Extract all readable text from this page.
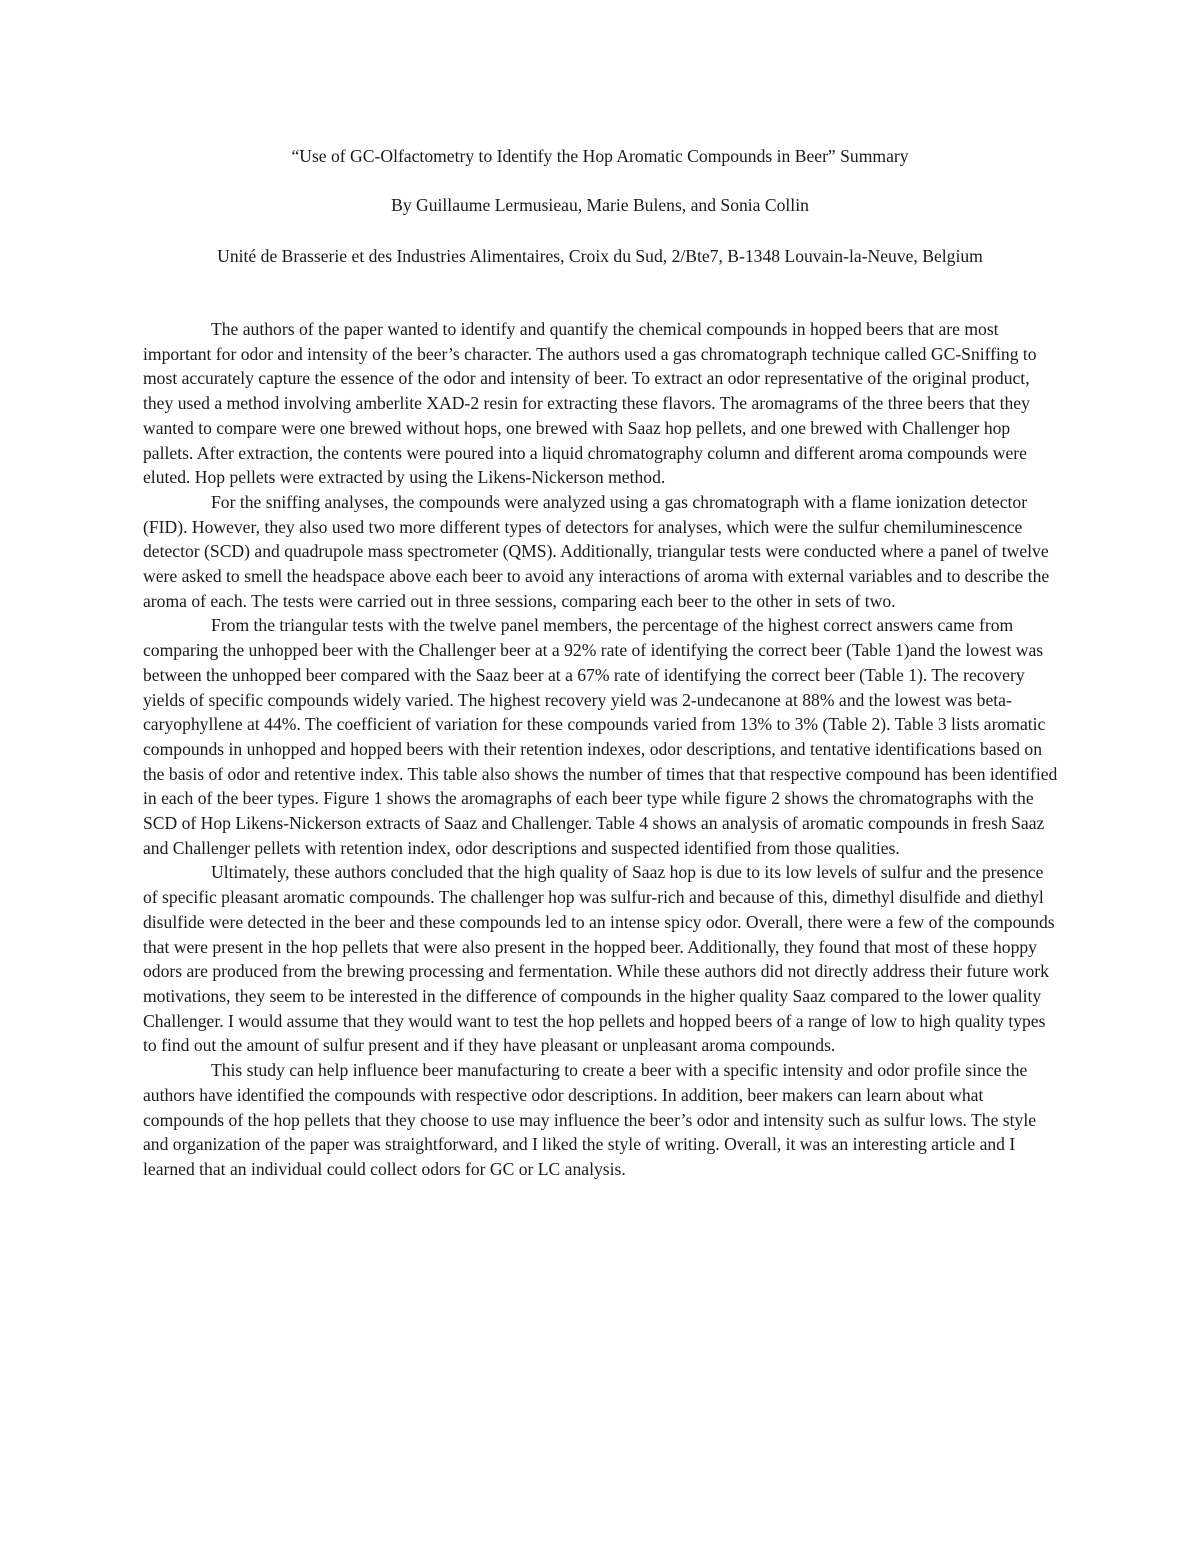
“Use of GC-Olfactometry to Identify the Hop Aromatic Compounds in Beer” Summary
By Guillaume Lermusieau, Marie Bulens, and Sonia Collin
Unité de Brasserie et des Industries Alimentaires, Croix du Sud, 2/Bte7, B-1348 Louvain-la-Neuve, Belgium

The authors of the paper wanted to identify and quantify the chemical compounds in hopped beers that are most important for odor and intensity of the beer’s character. The authors used a gas chromatograph technique called GC-Sniffing to most accurately capture the essence of the odor and intensity of beer. To extract an odor representative of the original product, they used a method involving amberlite XAD-2 resin for extracting these flavors. The aromagrams of the three beers that they wanted to compare were one brewed without hops, one brewed with Saaz hop pellets, and one brewed with Challenger hop pallets. After extraction, the contents were poured into a liquid chromatography column and different aroma compounds were eluted. Hop pellets were extracted by using the Likens-Nickerson method.

For the sniffing analyses, the compounds were analyzed using a gas chromatograph with a flame ionization detector (FID). However, they also used two more different types of detectors for analyses, which were the sulfur chemiluminescence detector (SCD) and quadrupole mass spectrometer (QMS). Additionally, triangular tests were conducted where a panel of twelve were asked to smell the headspace above each beer to avoid any interactions of aroma with external variables and to describe the aroma of each. The tests were carried out in three sessions, comparing each beer to the other in sets of two.

From the triangular tests with the twelve panel members, the percentage of the highest correct answers came from comparing the unhopped beer with the Challenger beer at a 92% rate of identifying the correct beer (Table 1)and the lowest was between the unhopped beer compared with the Saaz beer at a 67% rate of identifying the correct beer (Table 1). The recovery yields of specific compounds widely varied. The highest recovery yield was 2-undecanone at 88% and the lowest was beta-caryophyllene at 44%. The coefficient of variation for these compounds varied from 13% to 3% (Table 2). Table 3 lists aromatic compounds in unhopped and hopped beers with their retention indexes, odor descriptions, and tentative identifications based on the basis of odor and retentive index. This table also shows the number of times that that respective compound has been identified in each of the beer types. Figure 1 shows the aromagraphs of each beer type while figure 2 shows the chromatographs with the SCD of Hop Likens-Nickerson extracts of Saaz and Challenger. Table 4 shows an analysis of aromatic compounds in fresh Saaz and Challenger pellets with retention index, odor descriptions and suspected identified from those qualities.

Ultimately, these authors concluded that the high quality of Saaz hop is due to its low levels of sulfur and the presence of specific pleasant aromatic compounds. The challenger hop was sulfur-rich and because of this, dimethyl disulfide and diethyl disulfide were detected in the beer and these compounds led to an intense spicy odor. Overall, there were a few of the compounds that were present in the hop pellets that were also present in the hopped beer. Additionally, they found that most of these hoppy odors are produced from the brewing processing and fermentation. While these authors did not directly address their future work motivations, they seem to be interested in the difference of compounds in the higher quality Saaz compared to the lower quality Challenger. I would assume that they would want to test the hop pellets and hopped beers of a range of low to high quality types to find out the amount of sulfur present and if they have pleasant or unpleasant aroma compounds.

This study can help influence beer manufacturing to create a beer with a specific intensity and odor profile since the authors have identified the compounds with respective odor descriptions. In addition, beer makers can learn about what compounds of the hop pellets that they choose to use may influence the beer’s odor and intensity such as sulfur lows. The style and organization of the paper was straightforward, and I liked the style of writing. Overall, it was an interesting article and I learned that an individual could collect odors for GC or LC analysis.
